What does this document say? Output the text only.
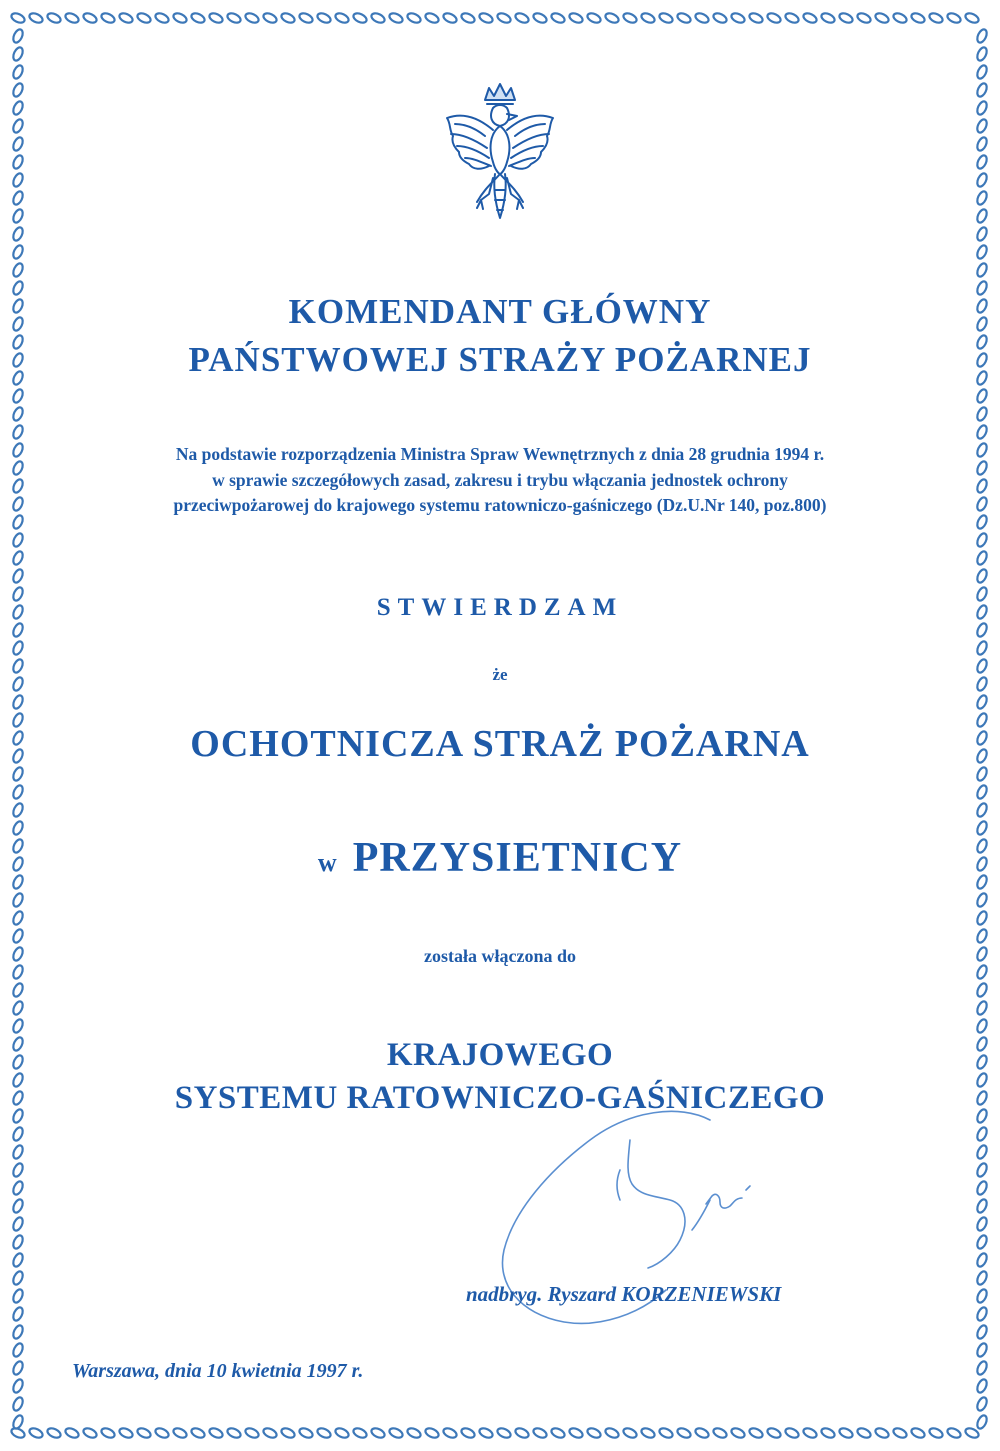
KOMENDANT GŁÓWNY
PAŃSTWOWEJ STRAŻY POŻARNEJ
Na podstawie rozporządzenia Ministra Spraw Wewnętrznych z dnia 28 grudnia 1994 r.
w sprawie szczegółowych zasad, zakresu i trybu włączania jednostek ochrony
przeciwpożarowej do krajowego systemu ratowniczo-gaśniczego (Dz.U.Nr 140, poz.800)
STWIERDZAM
że
OCHOTNICZA STRAŻ POŻARNA
w PRZYSIETNICY
została włączona do
KRAJOWEGO
SYSTEMU RATOWNICZO-GAŚNICZEGO
nadbryg. Ryszard KORZENIEWSKI
Warszawa, dnia 10 kwietnia 1997 r.
